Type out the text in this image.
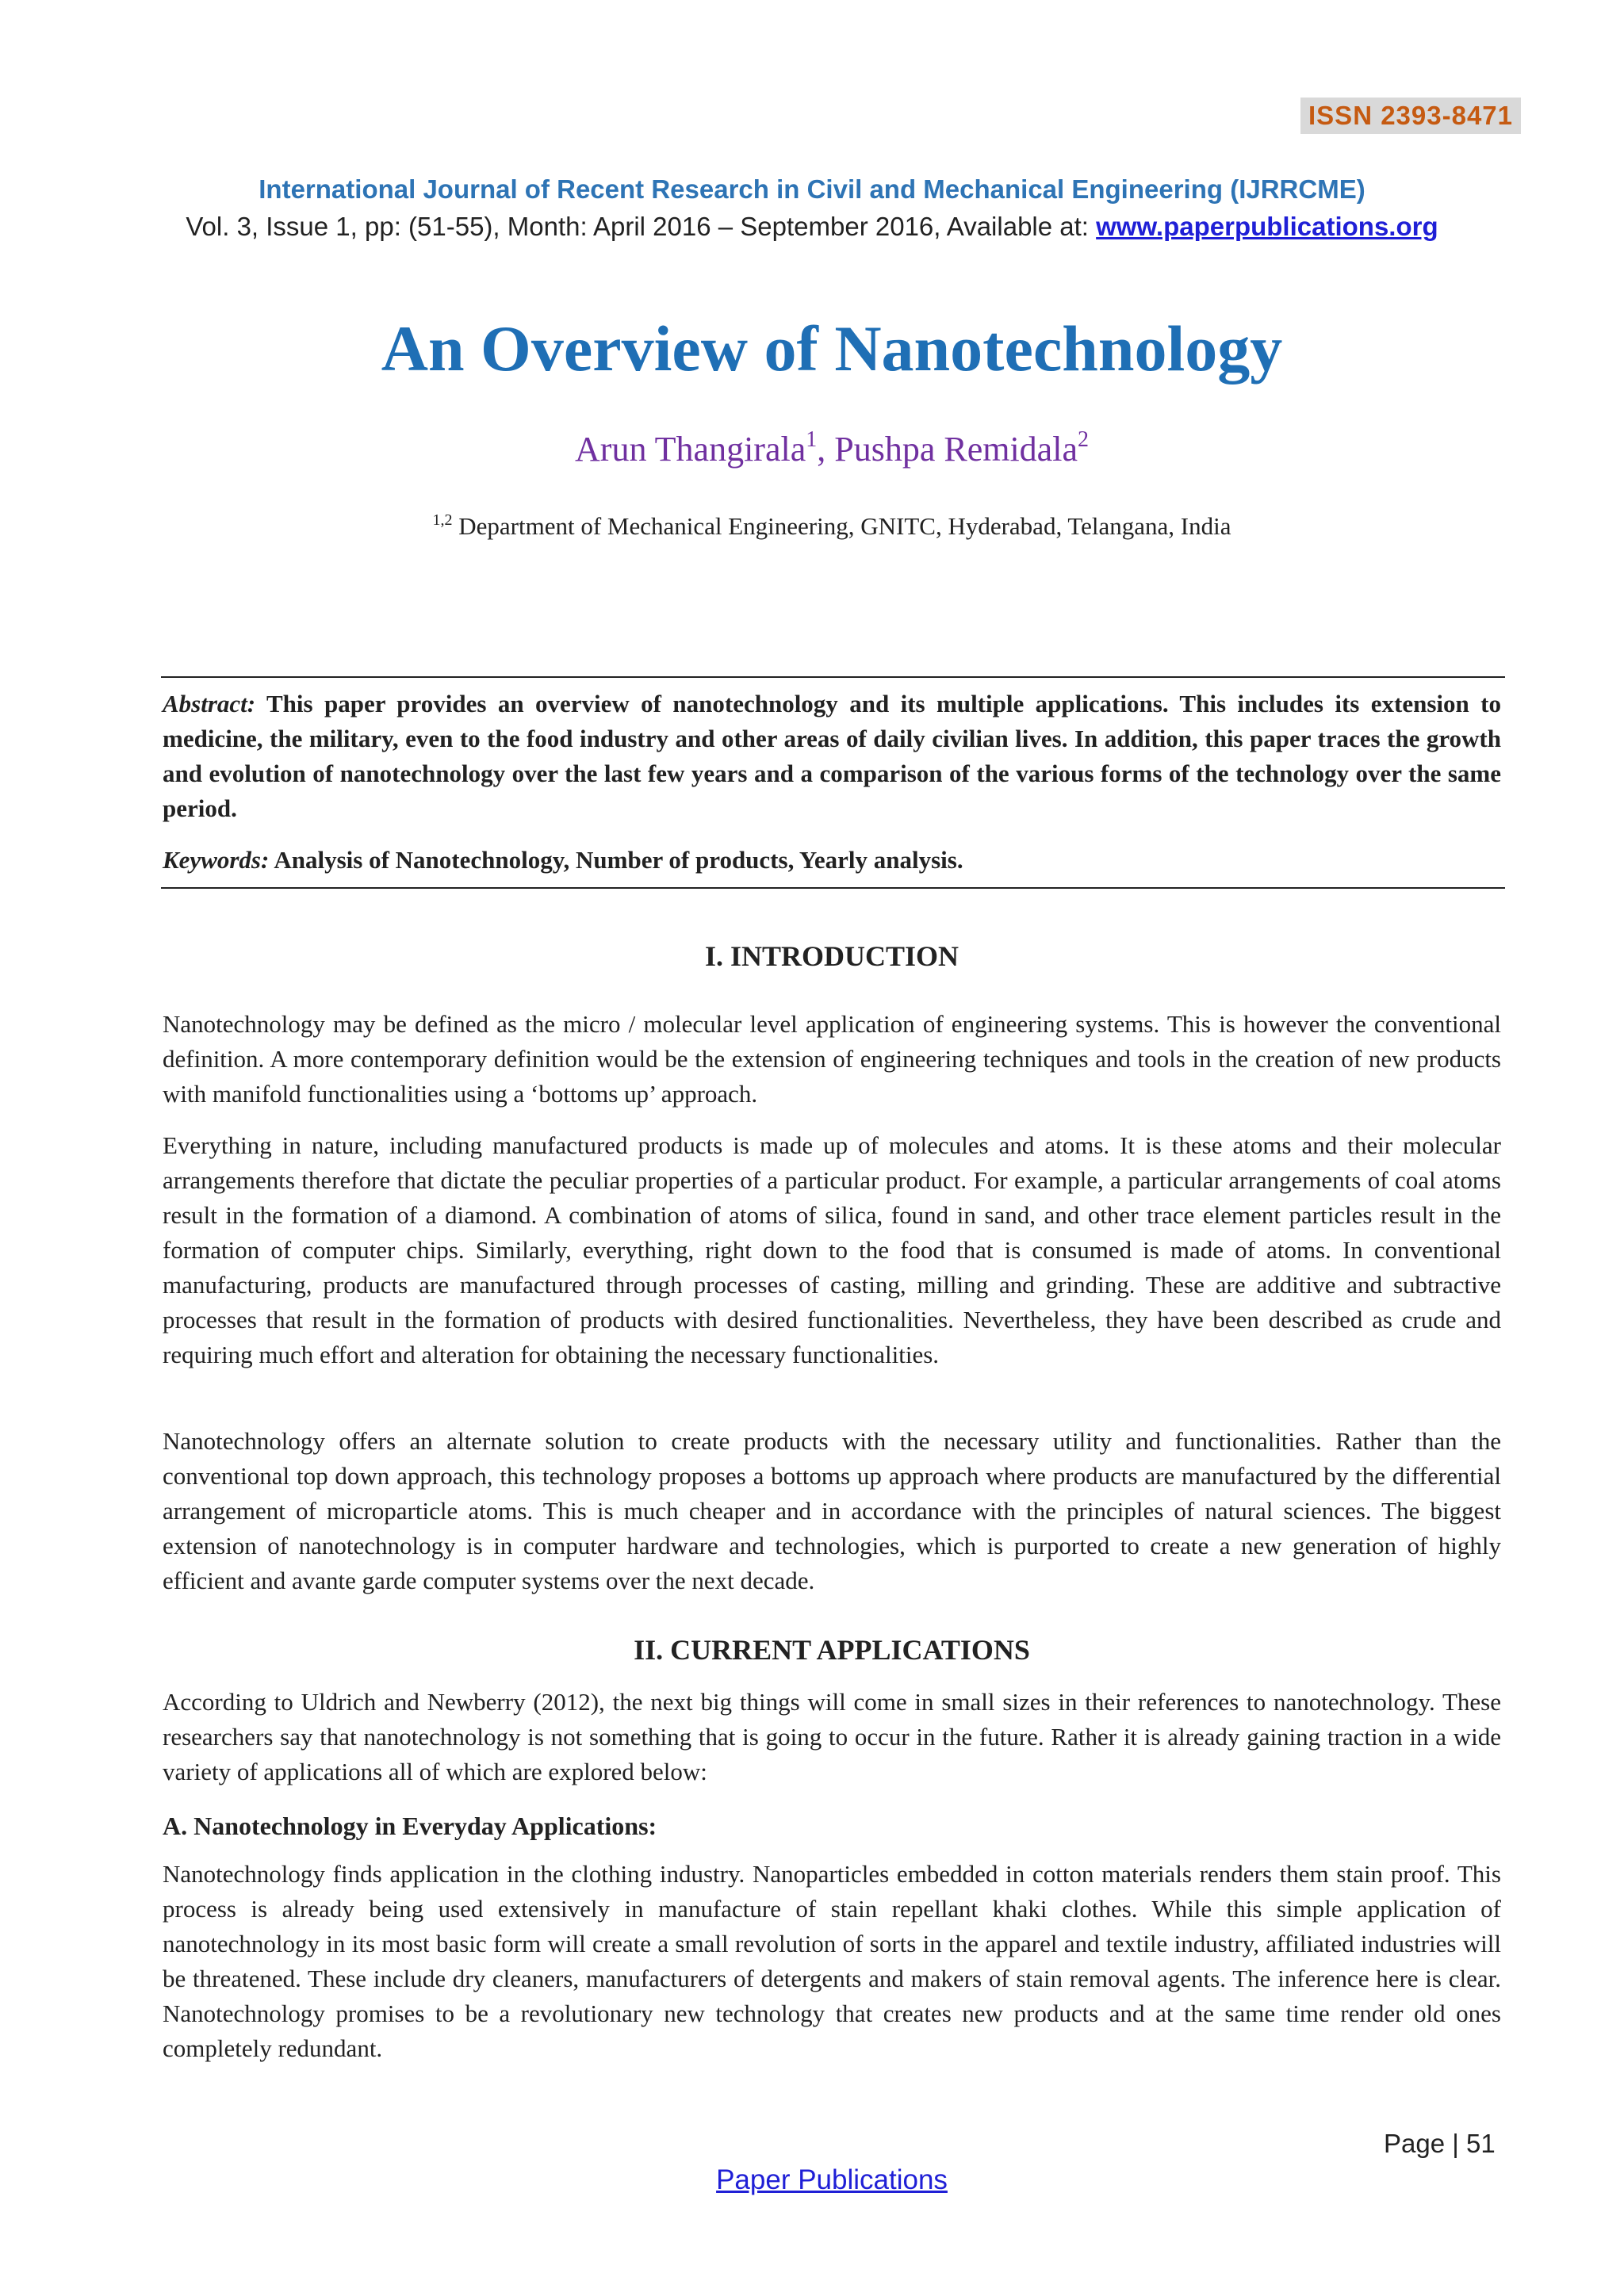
ISSN 2393-8471
International Journal of Recent Research in Civil and Mechanical Engineering (IJRRCME)
Vol. 3, Issue 1, pp: (51-55), Month: April 2016 – September 2016, Available at: www.paperpublications.org
An Overview of Nanotechnology
Arun Thangirala$^1$, Pushpa Remidala$^2$
$^{1,2}$ Department of Mechanical Engineering, GNITC, Hyderabad, Telangana, India

Abstract: This paper provides an overview of nanotechnology and its multiple applications. This includes its extension to medicine, the military, even to the food industry and other areas of daily civilian lives. In addition, this paper traces the growth and evolution of nanotechnology over the last few years and a comparison of the various forms of the technology over the same period.

Keywords: Analysis of Nanotechnology, Number of products, Yearly analysis.

I. INTRODUCTION

Nanotechnology may be defined as the micro / molecular level application of engineering systems. This is however the conventional definition. A more contemporary definition would be the extension of engineering techniques and tools in the creation of new products with manifold functionalities using a ‘bottoms up’ approach.

Everything in nature, including manufactured products is made up of molecules and atoms. It is these atoms and their molecular arrangements therefore that dictate the peculiar properties of a particular product. For example, a particular arrangements of coal atoms result in the formation of a diamond. A combination of atoms of silica, found in sand, and other trace element particles result in the formation of computer chips. Similarly, everything, right down to the food that is consumed is made of atoms. In conventional manufacturing, products are manufactured through processes of casting, milling and grinding. These are additive and subtractive processes that result in the formation of products with desired functionalities. Nevertheless, they have been described as crude and requiring much effort and alteration for obtaining the necessary functionalities.

Nanotechnology offers an alternate solution to create products with the necessary utility and functionalities. Rather than the conventional top down approach, this technology proposes a bottoms up approach where products are manufactured by the differential arrangement of microparticle atoms. This is much cheaper and in accordance with the principles of natural sciences. The biggest extension of nanotechnology is in computer hardware and technologies, which is purported to create a new generation of highly efficient and avante garde computer systems over the next decade.

II. CURRENT APPLICATIONS

According to Uldrich and Newberry (2012), the next big things will come in small sizes in their references to nanotechnology. These researchers say that nanotechnology is not something that is going to occur in the future. Rather it is already gaining traction in a wide variety of applications all of which are explored below:

A. Nanotechnology in Everyday Applications:

Nanotechnology finds application in the clothing industry. Nanoparticles embedded in cotton materials renders them stain proof. This process is already being used extensively in manufacture of stain repellant khaki clothes. While this simple application of nanotechnology in its most basic form will create a small revolution of sorts in the apparel and textile industry, affiliated industries will be threatened. These include dry cleaners, manufacturers of detergents and makers of stain removal agents. The inference here is clear. Nanotechnology promises to be a revolutionary new technology that creates new products and at the same time render old ones completely redundant.

Page | 51
Paper Publications
